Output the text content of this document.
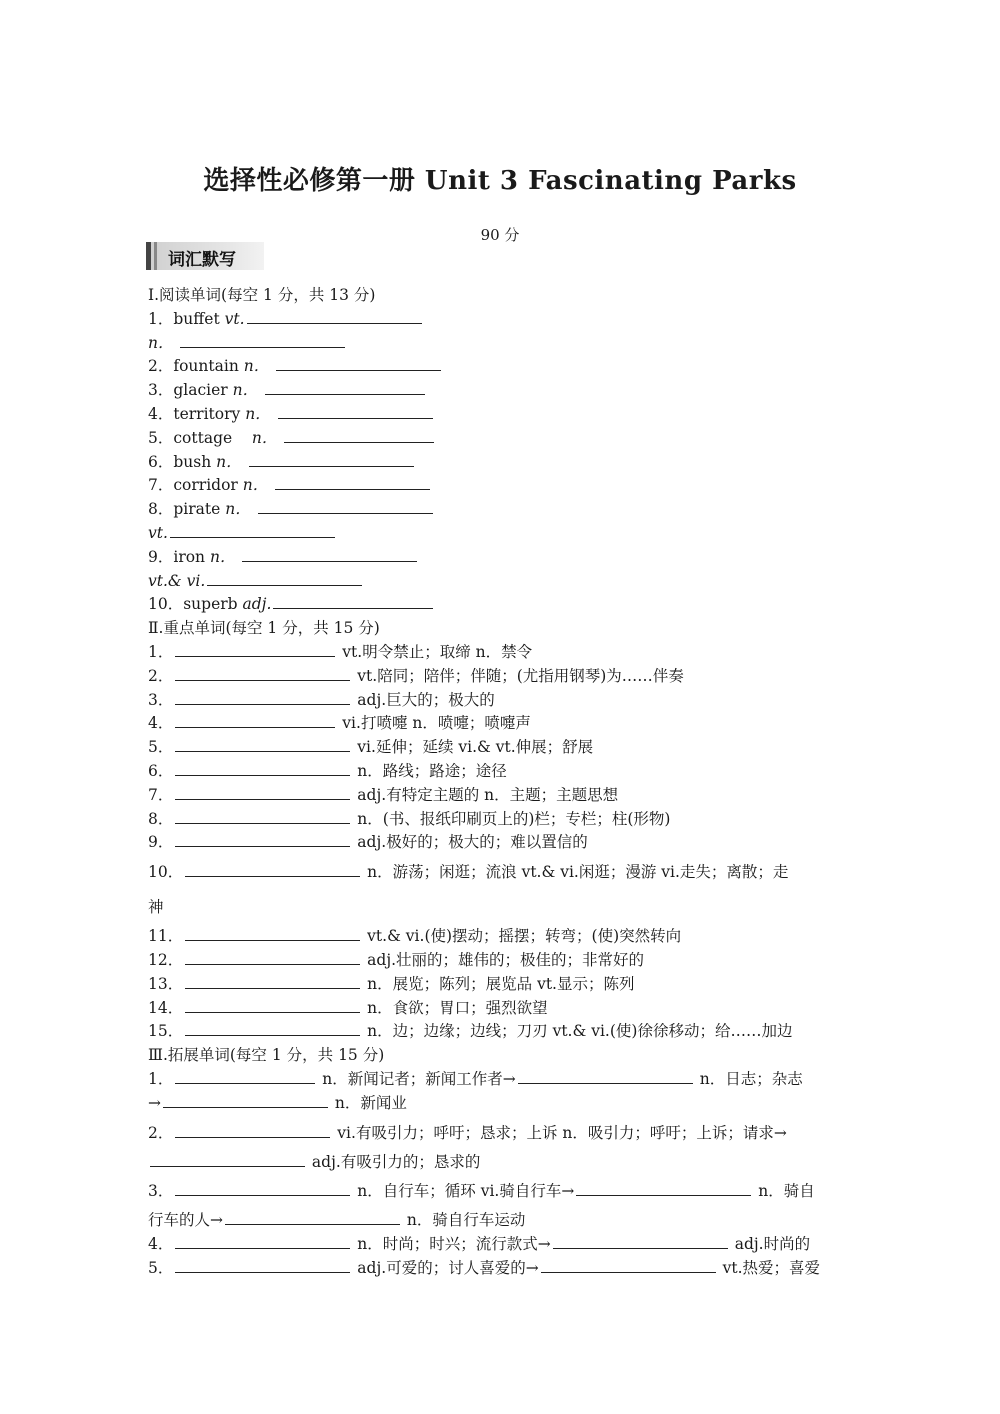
选择性必修第一册 Unit 3 Fascinating Parks
90 分
词汇默写
Ⅰ.阅读单词(每空 1 分，共 13 分)
1．buffet vt.
n．
2．fountain n．
3．glacier n．
4．territory n．
5．cottage    n．
6．bush n．
7．corridor n．
8．pirate n．
vt.
9．iron n．
vt.& vi.
10．superb adj.
Ⅱ.重点单词(每空 1 分，共 15 分)
1．	vt.明令禁止；取缔 n．禁令
2．	vt.陪同；陪伴；伴随；(尤指用钢琴)为……伴奏
3．	adj.巨大的；极大的
4．	vi.打喷嚏 n．喷嚏；喷嚏声
5．	vi.延伸；延续 vi.& vt.伸展；舒展
6．	n．路线；路途；途径
7．	adj.有特定主题的 n．主题；主题思想
8．	n．(书、报纸印刷页上的)栏；专栏；柱(形物)
9．	adj.极好的；极大的；难以置信的
10．	n．游荡；闲逛；流浪 vt.& vi.闲逛；漫游 vi.走失；离散；走
神
11．	vt.& vi.(使)摆动；摇摆；转弯；(使)突然转向
12．	adj.壮丽的；雄伟的；极佳的；非常好的
13．	n．展览；陈列；展览品 vt.显示；陈列
14．	n．食欲；胃口；强烈欲望
15．	n．边；边缘；边线；刀刃 vt.& vi.(使)徐徐移动；给……加边
Ⅲ.拓展单词(每空 1 分，共 15 分)
1．	n．新闻记者；新闻工作者→	n．日志；杂志
→	n．新闻业
2．	vi.有吸引力；呼吁；恳求；上诉 n．吸引力；呼吁；上诉；请求→
adj.有吸引力的；恳求的
3．	n．自行车；循环 vi.骑自行车→	n．骑自
行车的人→	n．骑自行车运动
4．	n．时尚；时兴；流行款式→	adj.时尚的
5．	adj.可爱的；讨人喜爱的→	vt.热爱；喜爱
